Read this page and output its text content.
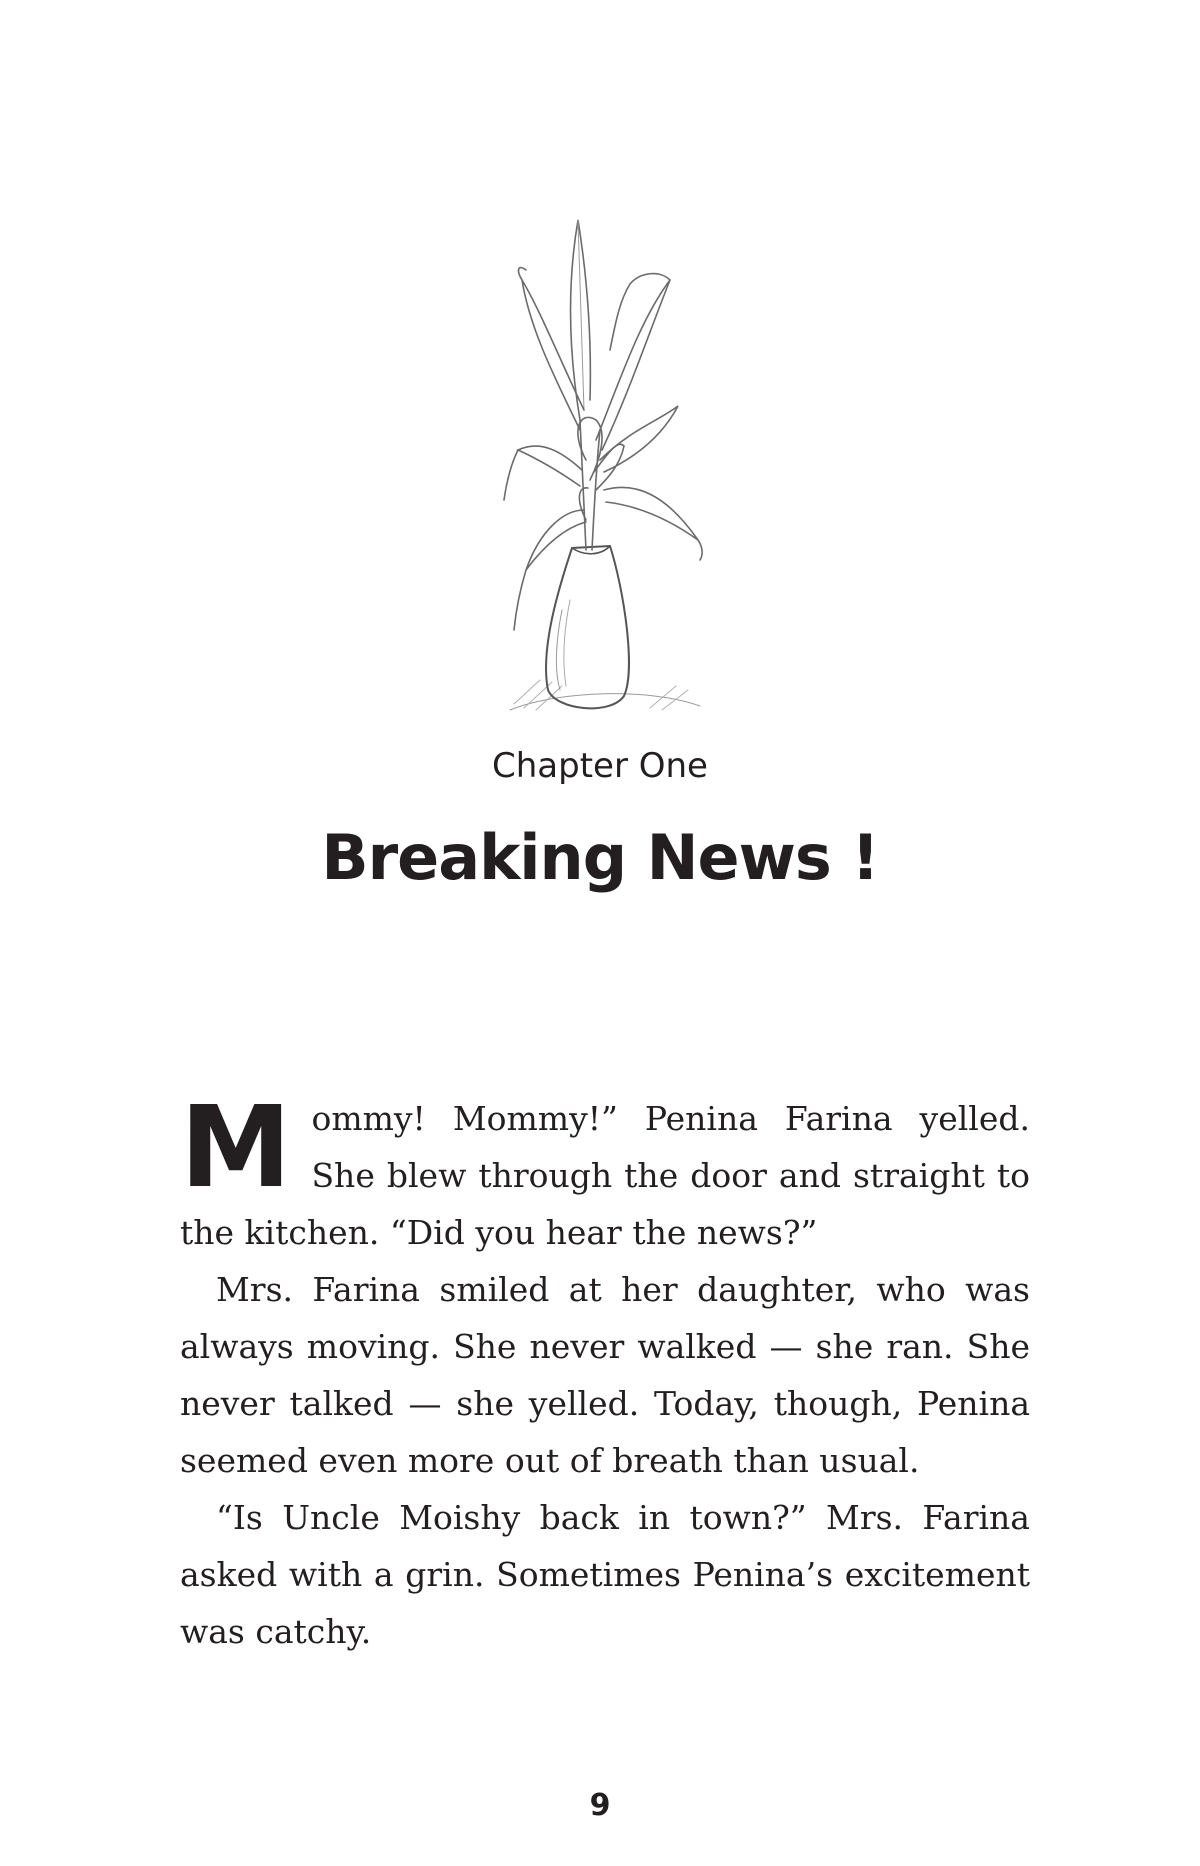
Chapter One
Breaking News !

Mommy! Mommy!” Penina Farina yelled. She blew through the door and straight to the kitchen. “Did you hear the news?”

Mrs. Farina smiled at her daughter, who was always moving. She never walked — she ran. She never talked — she yelled. Today, though, Penina seemed even more out of breath than usual.

“Is Uncle Moishy back in town?” Mrs. Farina asked with a grin. Sometimes Penina’s excitement was catchy.

9
